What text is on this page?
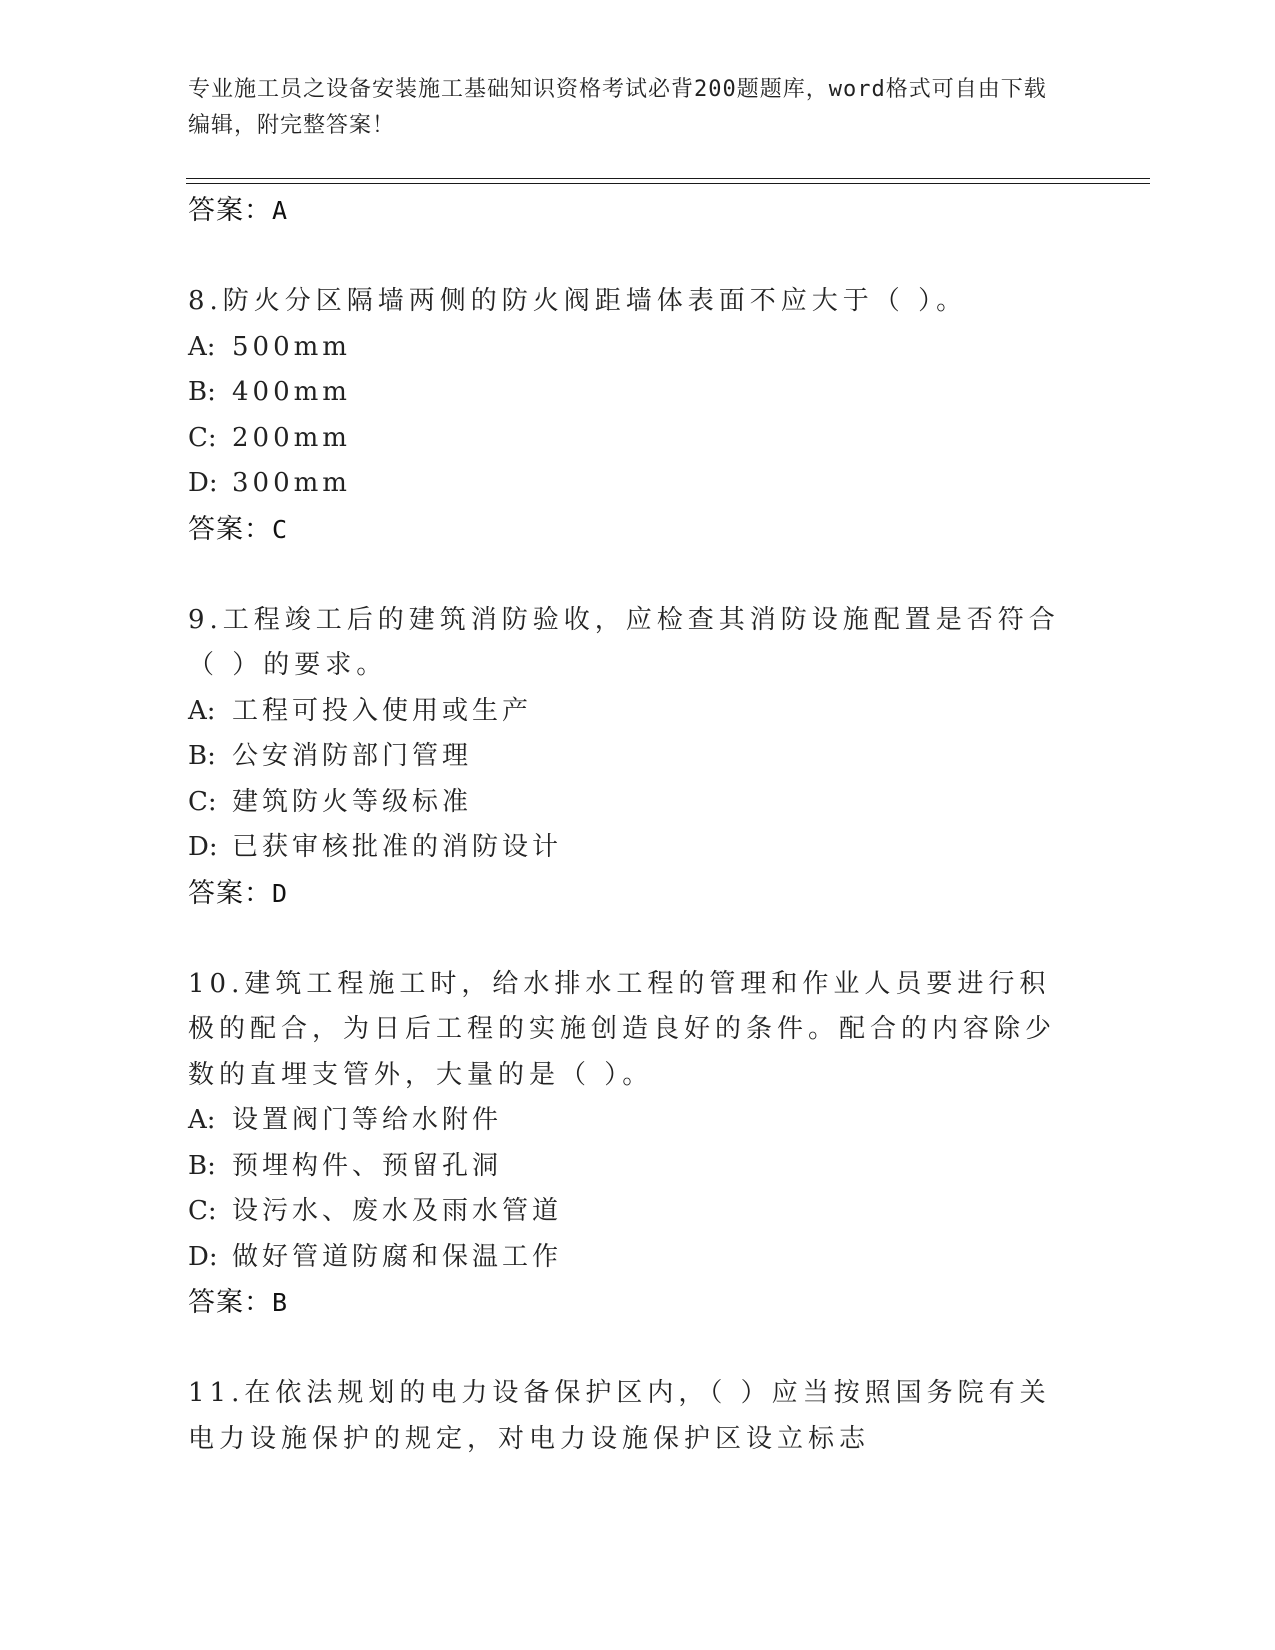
专业施工员之设备安装施工基础知识资格考试必背200题题库，word格式可自由下载编辑，附完整答案！
答案：A
8.防火分区隔墙两侧的防火阀距墙体表面不应大于（ ）。
A: 500mm
B: 400mm
C: 200mm
D: 300mm
答案：C
9.工程竣工后的建筑消防验收，应检查其消防设施配置是否符合（ ）的要求。
A: 工程可投入使用或生产
B: 公安消防部门管理
C: 建筑防火等级标准
D: 已获审核批准的消防设计
答案：D
10.建筑工程施工时，给水排水工程的管理和作业人员要进行积极的配合，为日后工程的实施创造良好的条件。配合的内容除少数的直埋支管外，大量的是（ ）。
A: 设置阀门等给水附件
B: 预埋构件、预留孔洞
C: 设污水、废水及雨水管道
D: 做好管道防腐和保温工作
答案：B
11.在依法规划的电力设备保护区内，（ ）应当按照国务院有关电力设施保护的规定，对电力设施保护区设立标志
